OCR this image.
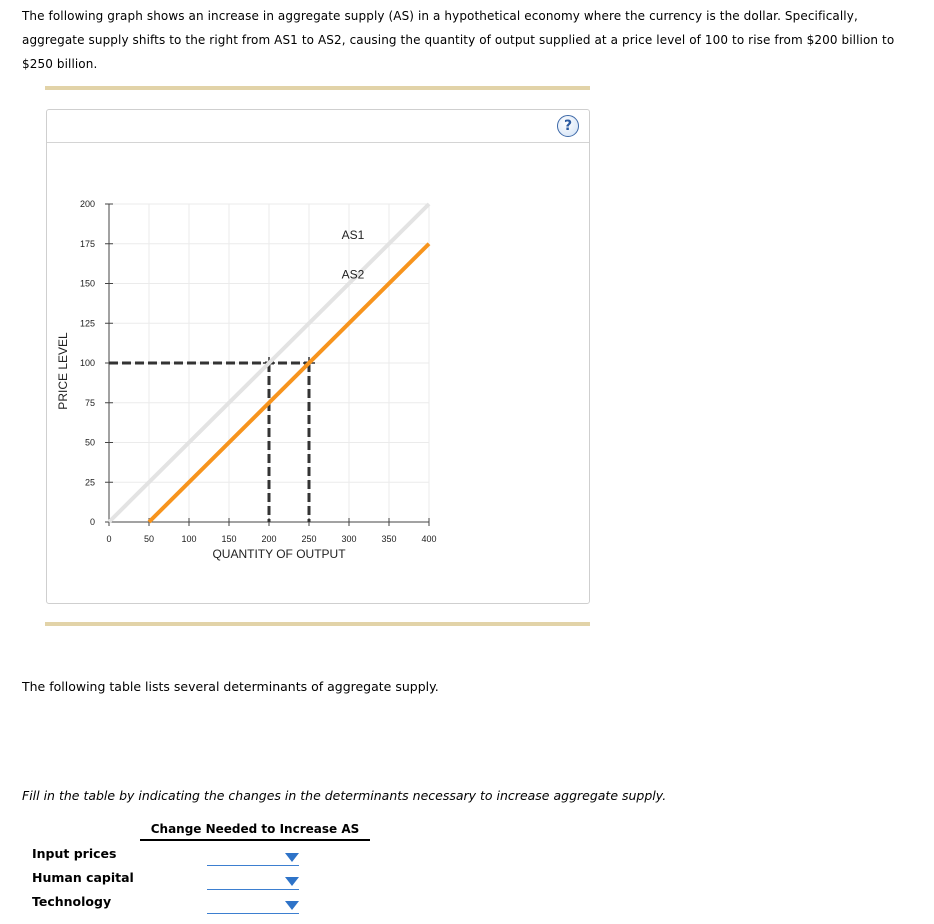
The following graph shows an increase in aggregate supply (AS) in a hypothetical economy where the currency is the dollar. Specifically, aggregate supply shifts to the right from AS1 to AS2, causing the quantity of output supplied at a price level of 100 to rise from $200 billion to $250 billion.
?
0
25
50
75
100
125
150
175
200
0	50	100	150	200	250	300	350	400
QUANTITY OF OUTPUT
PRICE LEVEL
AS1
AS2
The following table lists several determinants of aggregate supply.
Fill in the table by indicating the changes in the determinants necessary to increase aggregate supply.
Change Needed to Increase AS
Input prices
Human capital
Technology
